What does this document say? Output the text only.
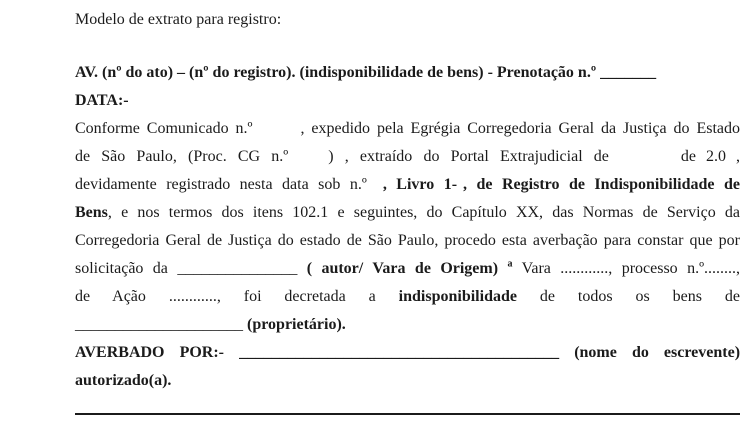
Modelo de extrato para registro:

AV. (nº do ato) – (nº do registro). (indisponibilidade de bens) - Prenotação n.º _______

DATA:-

Conforme Comunicado n.º	, expedido pela Egrégia Corregedoria Geral da Justiça do Estado

de São Paulo, (Proc. CG n.º	) , extraído do Portal Extrajudicial de	de 2.0 ,

devidamente registrado nesta data sob n.º , Livro 1- , de Registro de Indisponibilidade de

Bens, e nos termos dos itens 102.1 e seguintes, do Capítulo XX, das Normas de Serviço da

Corregedoria Geral de Justiça do estado de São Paulo, procedo esta averbação para constar que por

solicitação da _______________ ( autor/ Vara de Origem) $^a$ Vara ............, processo n.º........,

de Ação ............, foi decretada a indisponibilidade de todos os bens de

_____________________ (proprietário).

AVERBADO POR:- ________________________________________ (nome do escrevente)

autorizado(a).
